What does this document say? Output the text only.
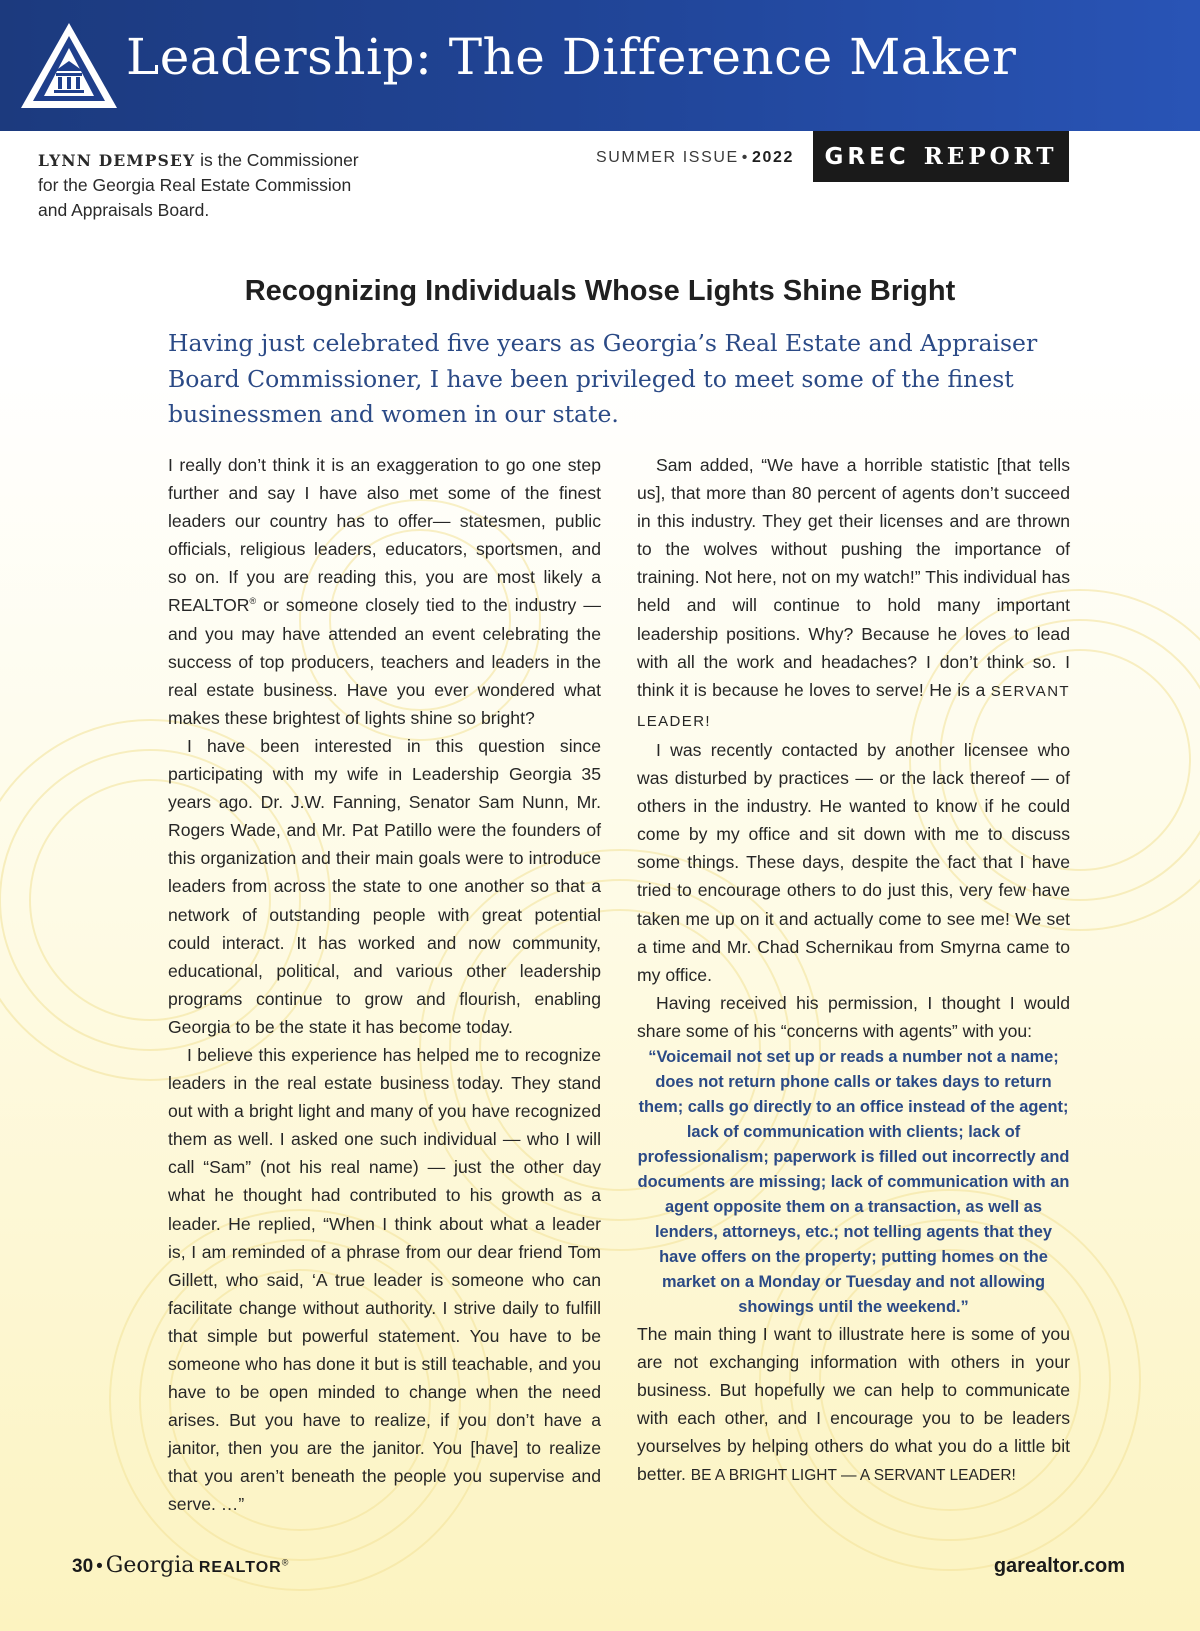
Leadership: The Difference Maker
LYNN DEMPSEY is the Commissioner
for the Georgia Real Estate Commission
and Appraisals Board.
SUMMER ISSUE • 2022 GREC REPORT
Recognizing Individuals Whose Lights Shine Bright

Having just celebrated five years as Georgia’s Real Estate and Appraiser Board Commissioner, I have been privileged to meet some of the finest businessmen and women in our state.

I really don’t think it is an exaggeration to go one step further and say I have also met some of the finest leaders our country has to offer— statesmen, public officials, religious leaders, educators, sportsmen, and so on. If you are reading this, you are most likely a REALTOR® or someone closely tied to the industry — and you may have attended an event celebrating the success of top producers, teachers and leaders in the real estate business. Have you ever wondered what makes these brightest of lights shine so bright?

I have been interested in this question since participating with my wife in Leadership Georgia 35 years ago. Dr. J.W. Fanning, Senator Sam Nunn, Mr. Rogers Wade, and Mr. Pat Patillo were the founders of this organization and their main goals were to introduce leaders from across the state to one another so that a network of outstanding people with great potential could interact. It has worked and now community, educational, political, and various other leadership programs continue to grow and flourish, enabling Georgia to be the state it has become today.

I believe this experience has helped me to recognize leaders in the real estate business today. They stand out with a bright light and many of you have recognized them as well. I asked one such individual — who I will call “Sam” (not his real name) — just the other day what he thought had contributed to his growth as a leader. He replied, “When I think about what a leader is, I am reminded of a phrase from our dear friend Tom Gillett, who said, ‘A true leader is someone who can facilitate change without authority. I strive daily to fulfill that simple but powerful statement. You have to be someone who has done it but is still teachable, and you have to be open minded to change when the need arises. But you have to realize, if you don’t have a janitor, then you are the janitor. You [have] to realize that you aren’t beneath the people you supervise and serve. …”

Sam added, “We have a horrible statistic [that tells us], that more than 80 percent of agents don’t succeed in this industry. They get their licenses and are thrown to the wolves without pushing the importance of training. Not here, not on my watch!” This individual has held and will continue to hold many important leadership positions. Why? Because he loves to lead with all the work and headaches? I don’t think so. I think it is because he loves to serve! He is a SERVANT LEADER!

I was recently contacted by another licensee who was disturbed by practices — or the lack thereof — of others in the industry. He wanted to know if he could come by my office and sit down with me to discuss some things. These days, despite the fact that I have tried to encourage others to do just this, very few have taken me up on it and actually come to see me! We set a time and Mr. Chad Schernikau from Smyrna came to my office.

Having received his permission, I thought I would share some of his “concerns with agents” with you:

“Voicemail not set up or reads a number not a name; does not return phone calls or takes days to return them; calls go directly to an office instead of the agent; lack of communication with clients; lack of professionalism; paperwork is filled out incorrectly and documents are missing; lack of communication with an agent opposite them on a transaction, as well as lenders, attorneys, etc.; not telling agents that they have offers on the property; putting homes on the market on a Monday or Tuesday and not allowing showings until the weekend.”

The main thing I want to illustrate here is some of you are not exchanging information with others in your business. But hopefully we can help to communicate with each other, and I encourage you to be leaders yourselves by helping others do what you do a little bit better. BE A BRIGHT LIGHT — A SERVANT LEADER!

30 • Georgia REALTOR®	garealtor.com
